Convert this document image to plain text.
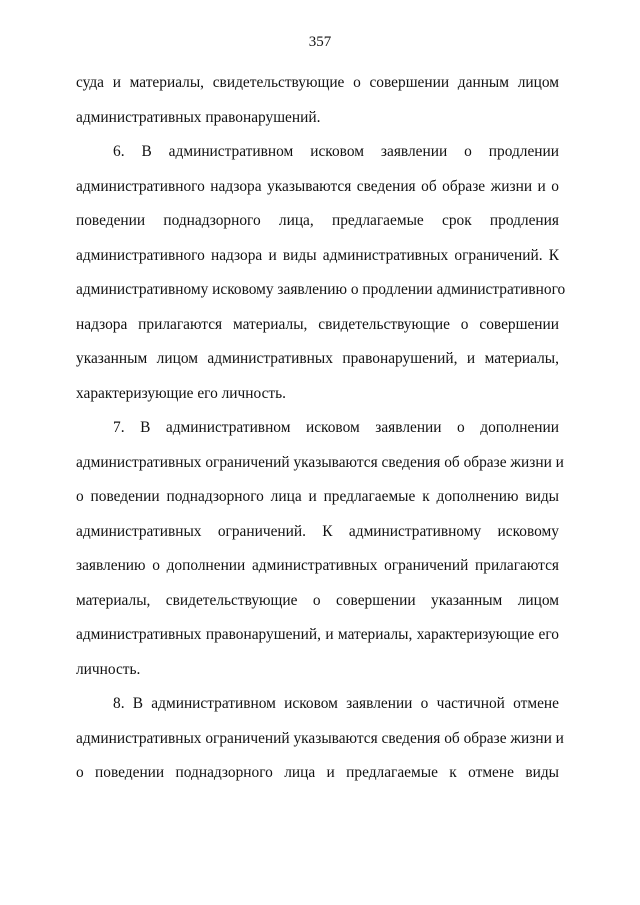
357
суда и материалы, свидетельствующие о совершении данным лицом
административных правонарушений.
6. В административном исковом заявлении о продлении
административного надзора указываются сведения об образе жизни и о
поведении поднадзорного лица, предлагаемые срок продления
административного надзора и виды административных ограничений. К
административному исковому заявлению о продлении административного
надзора прилагаются материалы, свидетельствующие о совершении
указанным лицом административных правонарушений, и материалы,
характеризующие его личность.
7. В административном исковом заявлении о дополнении
административных ограничений указываются сведения об образе жизни и
о поведении поднадзорного лица и предлагаемые к дополнению виды
административных ограничений. К административному исковому
заявлению о дополнении административных ограничений прилагаются
материалы, свидетельствующие о совершении указанным лицом
административных правонарушений, и материалы, характеризующие его
личность.
8. В административном исковом заявлении о частичной отмене
административных ограничений указываются сведения об образе жизни и
о поведении поднадзорного лица и предлагаемые к отмене виды
